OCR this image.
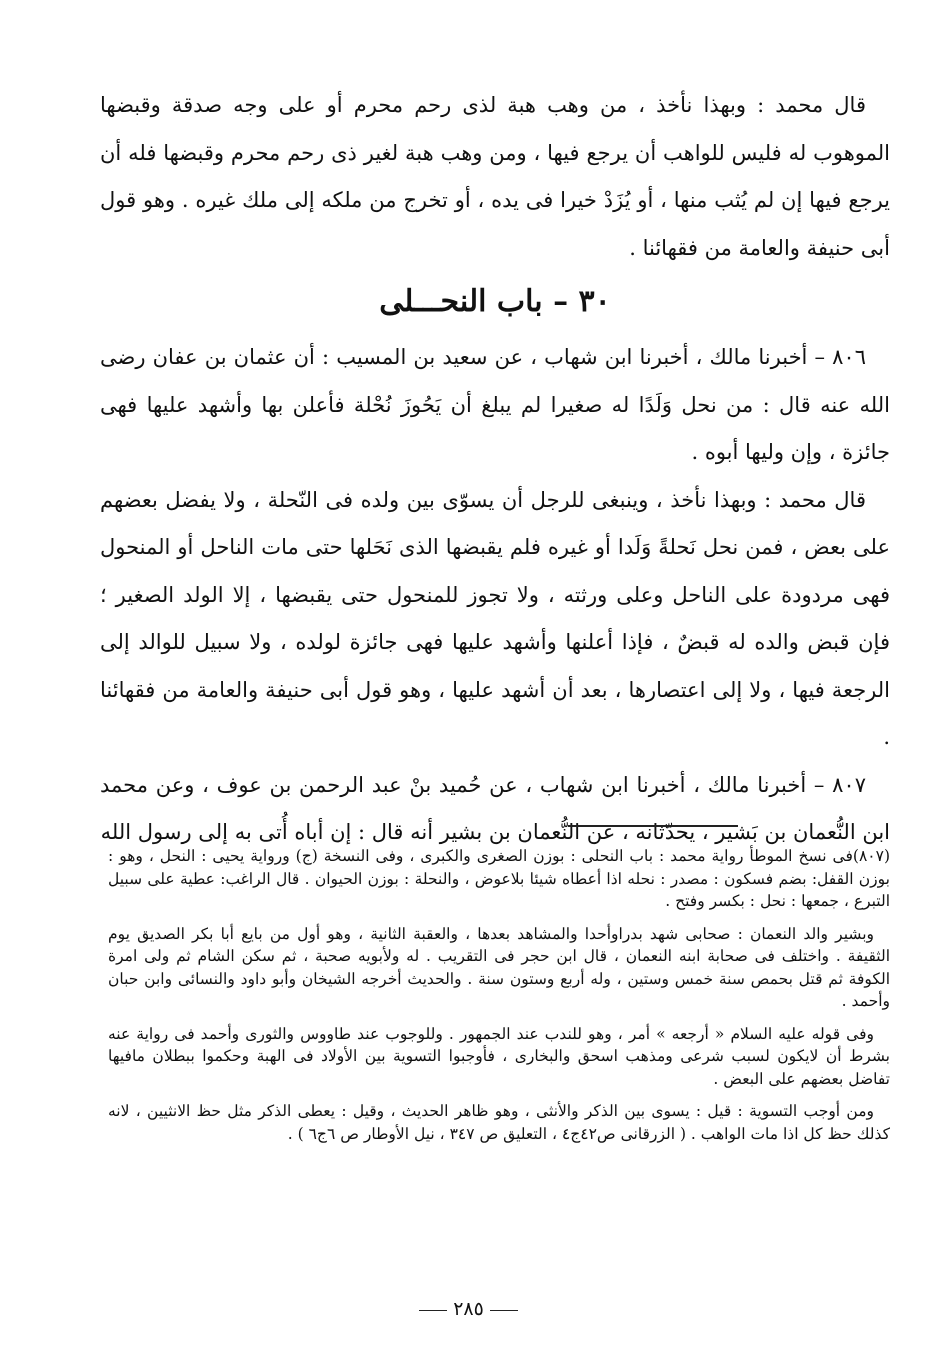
قال محمد : وبهذا نأخذ ، من وهب هبة لذى رحم محرم أو على وجه صدقة وقبضها الموهوب له فليس للواهب أن يرجع فيها ، ومن وهب هبة لغير ذى رحم محرم وقبضها فله أن يرجع فيها إن لم يُثب منها ، أو يُزَدْ خيرا فى يده ، أو تخرج من ملكه إلى ملك غيره . وهو قول أبى حنيفة والعامة من فقهائنا .

٣٠ – باب النحـــلى

٨٠٦ – أخبرنا مالك ، أخبرنا ابن شهاب ، عن سعيد بن المسيب : أن عثمان بن عفان رضى الله عنه قال : من نحل وَلَدًا له صغيرا لم يبلغ أن يَحُوزَ نُحْلة فأعلن بها وأشهد عليها فهى جائزة ، وإن وليها أبوه .

قال محمد : وبهذا نأخذ ، وينبغى للرجل أن يسوّى بين ولده فى النّحلة ، ولا يفضل بعضهم على بعض ، فمن نحل نَحلةً وَلَدا أو غيره فلم يقبضها الذى نَحَلها حتى مات الناحل أو المنحول فهى مردودة على الناحل وعلى ورثته ، ولا تجوز للمنحول حتى يقبضها ، إلا الولد الصغير ؛ فإن قبض والده له قبضٌ ، فإذا أعلنها وأشهد عليها فهى جائزة لولده ، ولا سبيل للوالد إلى الرجعة فيها ، ولا إلى اعتصارها ، بعد أن أشهد عليها ، وهو قول أبى حنيفة والعامة من فقهائنا .

٨٠٧ – أخبرنا مالك ، أخبرنا ابن شهاب ، عن حُميد بنْ عبد الرحمن بن عوف ، وعن محمد ابن النُّعمان بن بَشير ، يحدّثانه ، عن النُّعمان بن بشير أنه قال : إن أباه أُتى به إلى رسول الله

(٨٠٧)فى نسخ الموطأ رواية محمد : باب النحلى : بوزن الصغرى والكبرى ، وفى النسخة (ج) ورواية يحيى : النحل ، وهو : بوزن القفل: بضم فسكون : مصدر : نحله اذا أعطاه شيئا بلاعوض ، والنحلة : بوزن الحيوان . قال الراغب: عطية على سبيل التبرع ، جمعها : نحل : بكسر وفتح .

وبشير والد النعمان : صحابى شهد بدراوأحدا والمشاهد بعدها ، والعقبة الثانية ، وهو أول من بايع أبا بكر الصديق يوم الثقيفة . واختلف فى صحابة ابنه النعمان ، قال ابن حجر فى التقريب . له ولأبويه صحبة ، ثم سكن الشام ثم ولى امرة الكوفة ثم قتل بحمص سنة خمس وستين ، وله أربع وستون سنة . والحديث أخرجه الشيخان وأبو داود والنسائى وابن حبان وأحمد .

وفى قوله عليه السلام « أرجعه » أمر ، وهو للندب عند الجمهور . وللوجوب عند طاووس والثورى وأحمد فى رواية عنه بشرط أن لايكون لسبب شرعى ومذهب اسحق والبخارى ، فأوجبوا التسوية بين الأولاد فى الهبة وحكموا ببطلان مافيها تفاضل بعضهم على البعض .

ومن أوجب التسوية : قيل : يسوى بين الذكر والأنثى ، وهو ظاهر الحديث ، وقيل : يعطى الذكر مثل حظ الانثيين ، لانه كذلك حظ كل اذا مات الواهب . ( الزرقانى ص٤٢ج٤ ، التعليق ص ٣٤٧ ، نيل الأوطار ص ٦ج٦ ) .

٢٨٥
